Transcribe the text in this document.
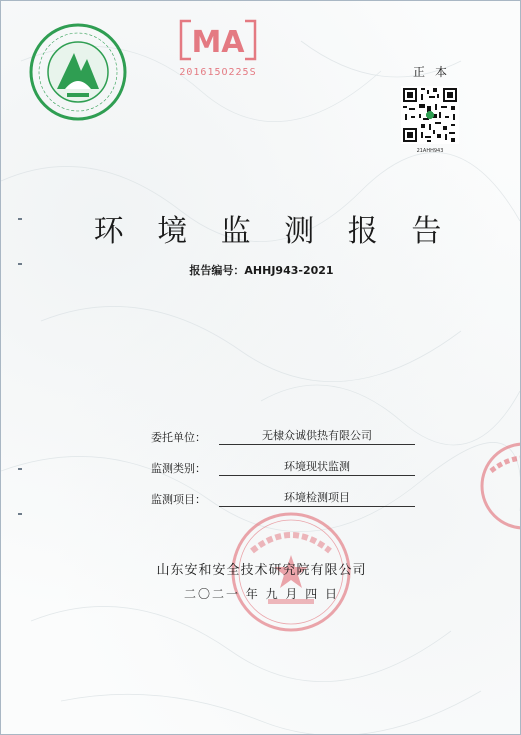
MA
201615O225S	正本
21AHH943
环 境 监 测 报 告
报告编号：AHHJ943-2021
委托单位：	无棣众诚供热有限公司
监测类别：	环境现状监测
监测项目：	环境检测项目
山东安和安全技术研究院有限公司
二〇二一 年 九 月 四 日
